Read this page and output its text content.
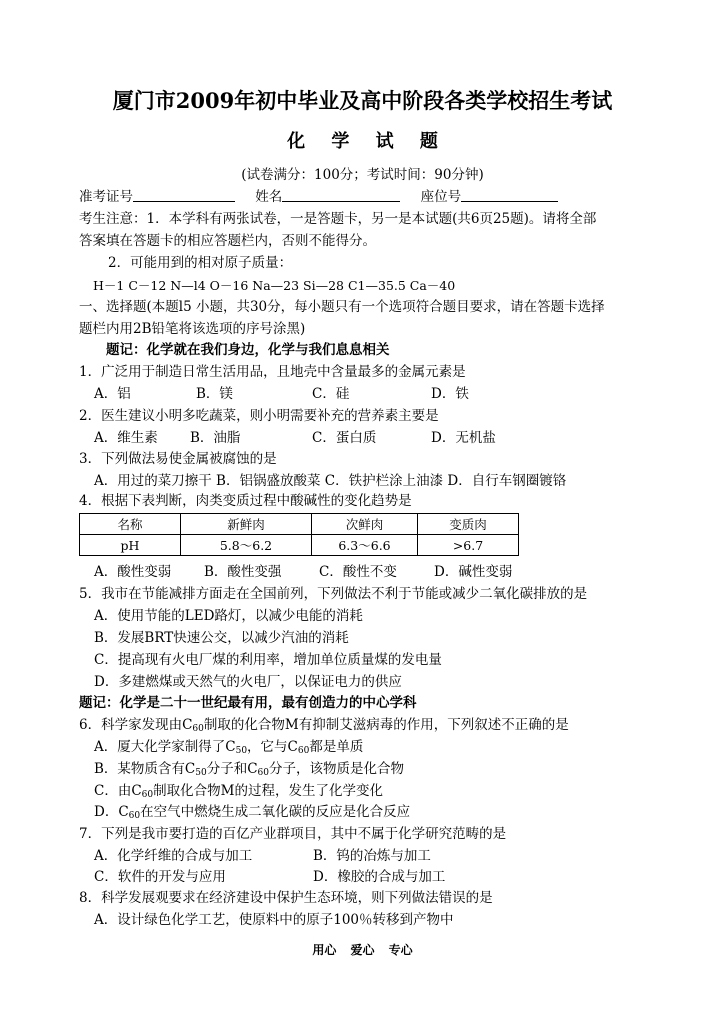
厦门市2009年初中毕业及高中阶段各类学校招生考试
化 学 试 题
(试卷满分：100分；考试时间：90分钟)
准考证号	姓名	座位号
考生注意：1．本学科有两张试卷，一是答题卡，另一是本试题(共6页25题)。请将全部
答案填在答题卡的相应答题栏内，否则不能得分。
2．可能用到的相对原子质量：
H－1 C－12 N—l4 O－16 Na—23 Si—28 C1—35.5 Ca－40
一、选择题(本题l5 小题，共30分，每小题只有一个选项符合题目要求，请在答题卡选择
题栏内用2B铅笔将该选项的序号涂黑)
题记：化学就在我们身边，化学与我们息息相关
1．广泛用于制造日常生活用品，且地壳中含量最多的金属元素是
A．铝	B．镁	C．硅	D．铁
2．医生建议小明多吃蔬菜，则小明需要补充的营养素主要是
A．维生素 B．油脂	C．蛋白质	D．无机盐
3．下列做法易使金属被腐蚀的是
A．用过的菜刀擦干 B．铝锅盛放酸菜 C．铁护栏涂上油漆 D．自行车钢圈镀铬
4．根据下表判断，肉类变质过程中酸碱性的变化趋势是
名称	新鲜肉	次鲜肉	变质肉
pH	5.8～6.2	6.3～6.6	>6.7
A．酸性变弱 B．酸性变强	C．酸性不变	D．碱性变弱
5．我市在节能减排方面走在全国前列，下列做法不利于节能或减少二氧化碳排放的是
A．使用节能的LED路灯，以减少电能的消耗
B．发展BRT快速公交，以减少汽油的消耗
C．提高现有火电厂煤的利用率，增加单位质量煤的发电量
D．多建燃煤或天然气的火电厂，以保证电力的供应
题记：化学是二十一世纪最有用，最有创造力的中心学科
6．科学家发现由$C_{60}$制取的化合物M有抑制艾滋病毒的作用，下列叙述不正确的是
A．厦大化学家制得了$C_{50}$，它与$C_{60}$都是单质
B．某物质含有$C_{50}$分子和$C_{60}$分子，该物质是化合物
C．由$C_{60}$制取化合物M的过程，发生了化学变化
D．$C_{60}$在空气中燃烧生成二氧化碳的反应是化合反应
7．下列是我市要打造的百亿产业群项目，其中不属于化学研究范畴的是
A．化学纤维的合成与加工	B．钨的冶炼与加工
C．软件的开发与应用	D．橡胶的合成与加工
8．科学发展观要求在经济建设中保护生态环境，则下列做法错误的是
A．设计绿色化学工艺，使原料中的原子100％转移到产物中
用心 爱心 专心
